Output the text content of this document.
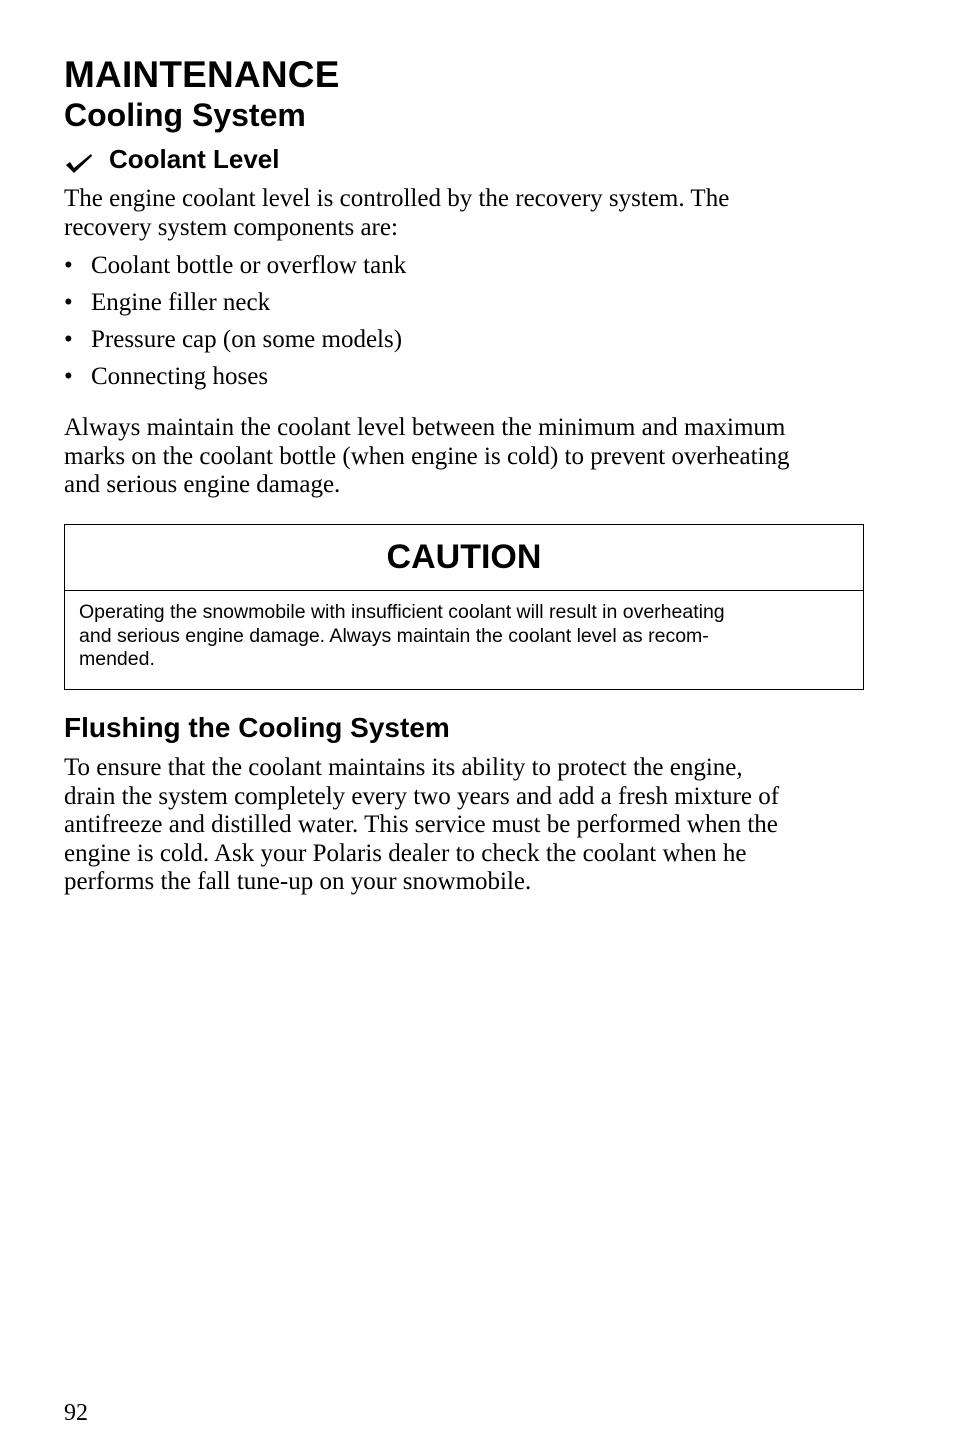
MAINTENANCE
Cooling System
Coolant Level

The engine coolant level is controlled by the recovery system. The
recovery system components are:

• Coolant bottle or overflow tank
• Engine filler neck
• Pressure cap (on some models)
• Connecting hoses

Always maintain the coolant level between the minimum and maximum
marks on the coolant bottle (when engine is cold) to prevent overheating
and serious engine damage.

CAUTION
Operating the snowmobile with insufficient coolant will result in overheating
and serious engine damage. Always maintain the coolant level as recom-
mended.
Flushing the Cooling System

To ensure that the coolant maintains its ability to protect the engine,
drain the system completely every two years and add a fresh mixture of
antifreeze and distilled water. This service must be performed when the
engine is cold. Ask your Polaris dealer to check the coolant when he
performs the fall tune-up on your snowmobile.

92
